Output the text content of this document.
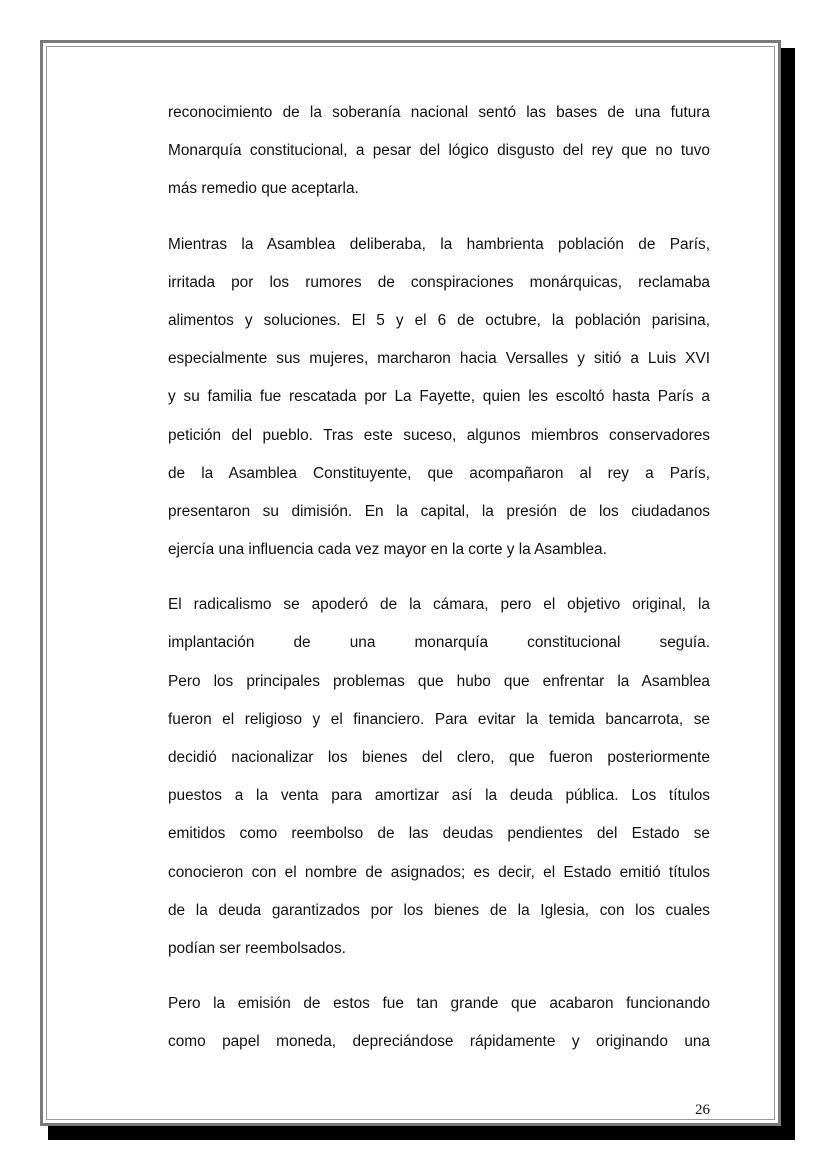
reconocimiento de la soberanía nacional sentó las bases de una futura
Monarquía constitucional, a pesar del lógico disgusto del rey que no tuvo
más remedio que aceptarla.

Mientras la Asamblea deliberaba, la hambrienta población de París,
irritada por los rumores de conspiraciones monárquicas, reclamaba
alimentos y soluciones. El 5 y el 6 de octubre, la población parisina,
especialmente sus mujeres, marcharon hacia Versalles y sitió a Luis XVI
y su familia fue rescatada por La Fayette, quien les escoltó hasta París a
petición del pueblo. Tras este suceso, algunos miembros conservadores
de la Asamblea Constituyente, que acompañaron al rey a París,
presentaron su dimisión. En la capital, la presión de los ciudadanos
ejercía una influencia cada vez mayor en la corte y la Asamblea.

El radicalismo se apoderó de la cámara, pero el objetivo original, la
implantación de una monarquía constitucional seguía.
Pero los principales problemas que hubo que enfrentar la Asamblea
fueron el religioso y el financiero. Para evitar la temida bancarrota, se
decidió nacionalizar los bienes del clero, que fueron posteriormente
puestos a la venta para amortizar así la deuda pública. Los títulos
emitidos como reembolso de las deudas pendientes del Estado se
conocieron con el nombre de asignados; es decir, el Estado emitió títulos
de la deuda garantizados por los bienes de la Iglesia, con los cuales
podían ser reembolsados.

Pero la emisión de estos fue tan grande que acabaron funcionando
como papel moneda, depreciándose rápidamente y originando una

26
